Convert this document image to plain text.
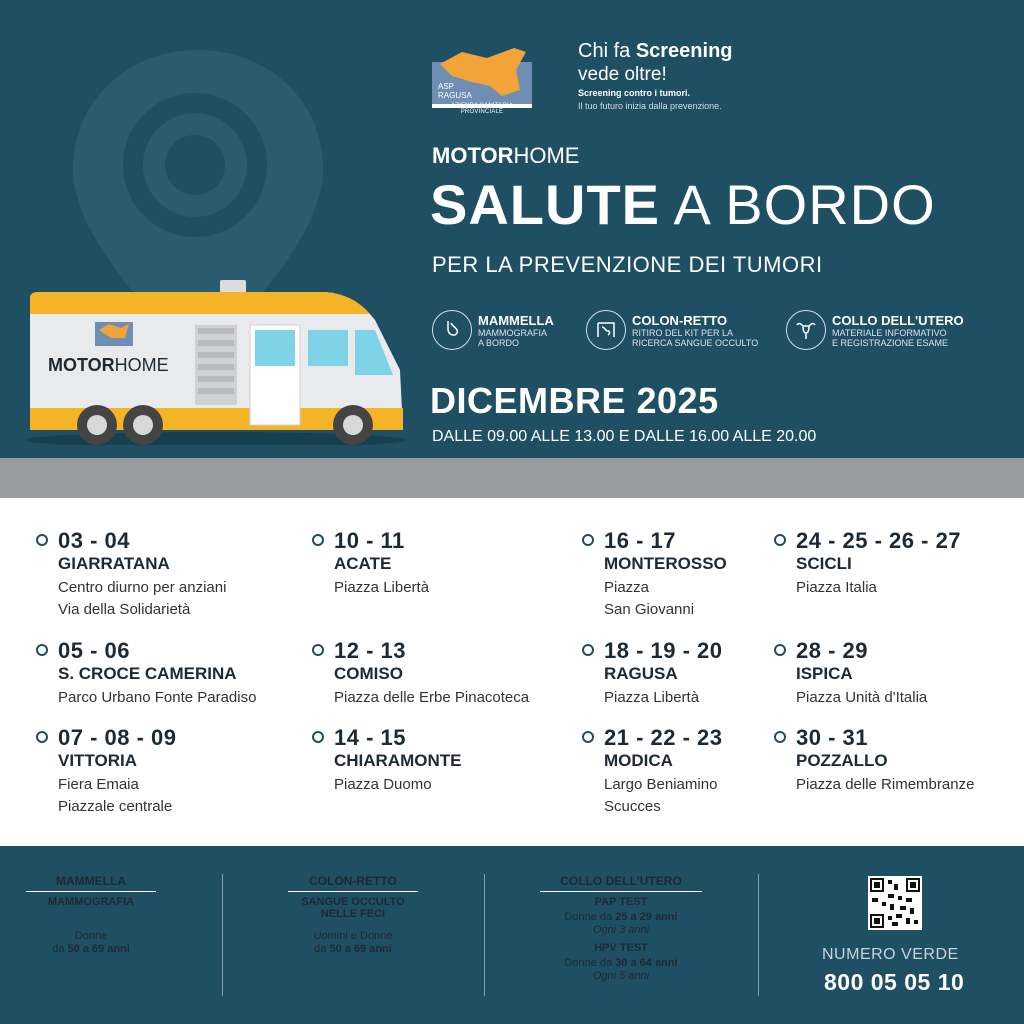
ASP
RAGUSA
AZIENDA SANITARIA PROVINCIALE
Chi fa Screening
vede oltre!
Screening contro i tumori.
Il tuo futuro inizia dalla prevenzione.
MOTORHOME
SALUTE A BORDO
PER LA PREVENZIONE DEI TUMORI
MAMMELLA
MAMMOGRAFIA
A BORDO
COLON-RETTO
RITIRO DEL KIT PER LA
RICERCA SANGUE OCCULTO
COLLO DELL'UTERO
MATERIALE INFORMATIVO
E REGISTRAZIONE ESAME
DICEMBRE 2025
DALLE 09.00 ALLE 13.00 E DALLE 16.00 ALLE 20.00
MOTORHOME
03 - 04
GIARRATANA
Centro diurno per anziani
Via della Solidarietà
05 - 06
S. CROCE CAMERINA
Parco Urbano Fonte Paradiso
07 - 08 - 09
VITTORIA
Fiera Emaia
Piazzale centrale
10 - 11
ACATE
Piazza Libertà
12 - 13
COMISO
Piazza delle Erbe Pinacoteca
14 - 15
CHIARAMONTE
Piazza Duomo
16 - 17
MONTEROSSO
Piazza
San Giovanni
18 - 19 - 20
RAGUSA
Piazza Libertà
21 - 22 - 23
MODICA
Largo Beniamino
Scucces
24 - 25 - 26 - 27
SCICLI
Piazza Italia
28 - 29
ISPICA
Piazza Unità d'Italia
30 - 31
POZZALLO
Piazza delle Rimembranze
MAMMELLA
MAMMOGRAFIA
Donne
da 50 a 69 anni
COLON-RETTO
SANGUE OCCULTO
NELLE FECI
Uomini e Donne
da 50 a 69 anni
COLLO DELL'UTERO
PAP TEST
Donne da 25 a 29 anni
Ogni 3 anni
HPV TEST
Donne da 30 a 64 anni
Ogni 5 anni
NUMERO VERDE
800 05 05 10
